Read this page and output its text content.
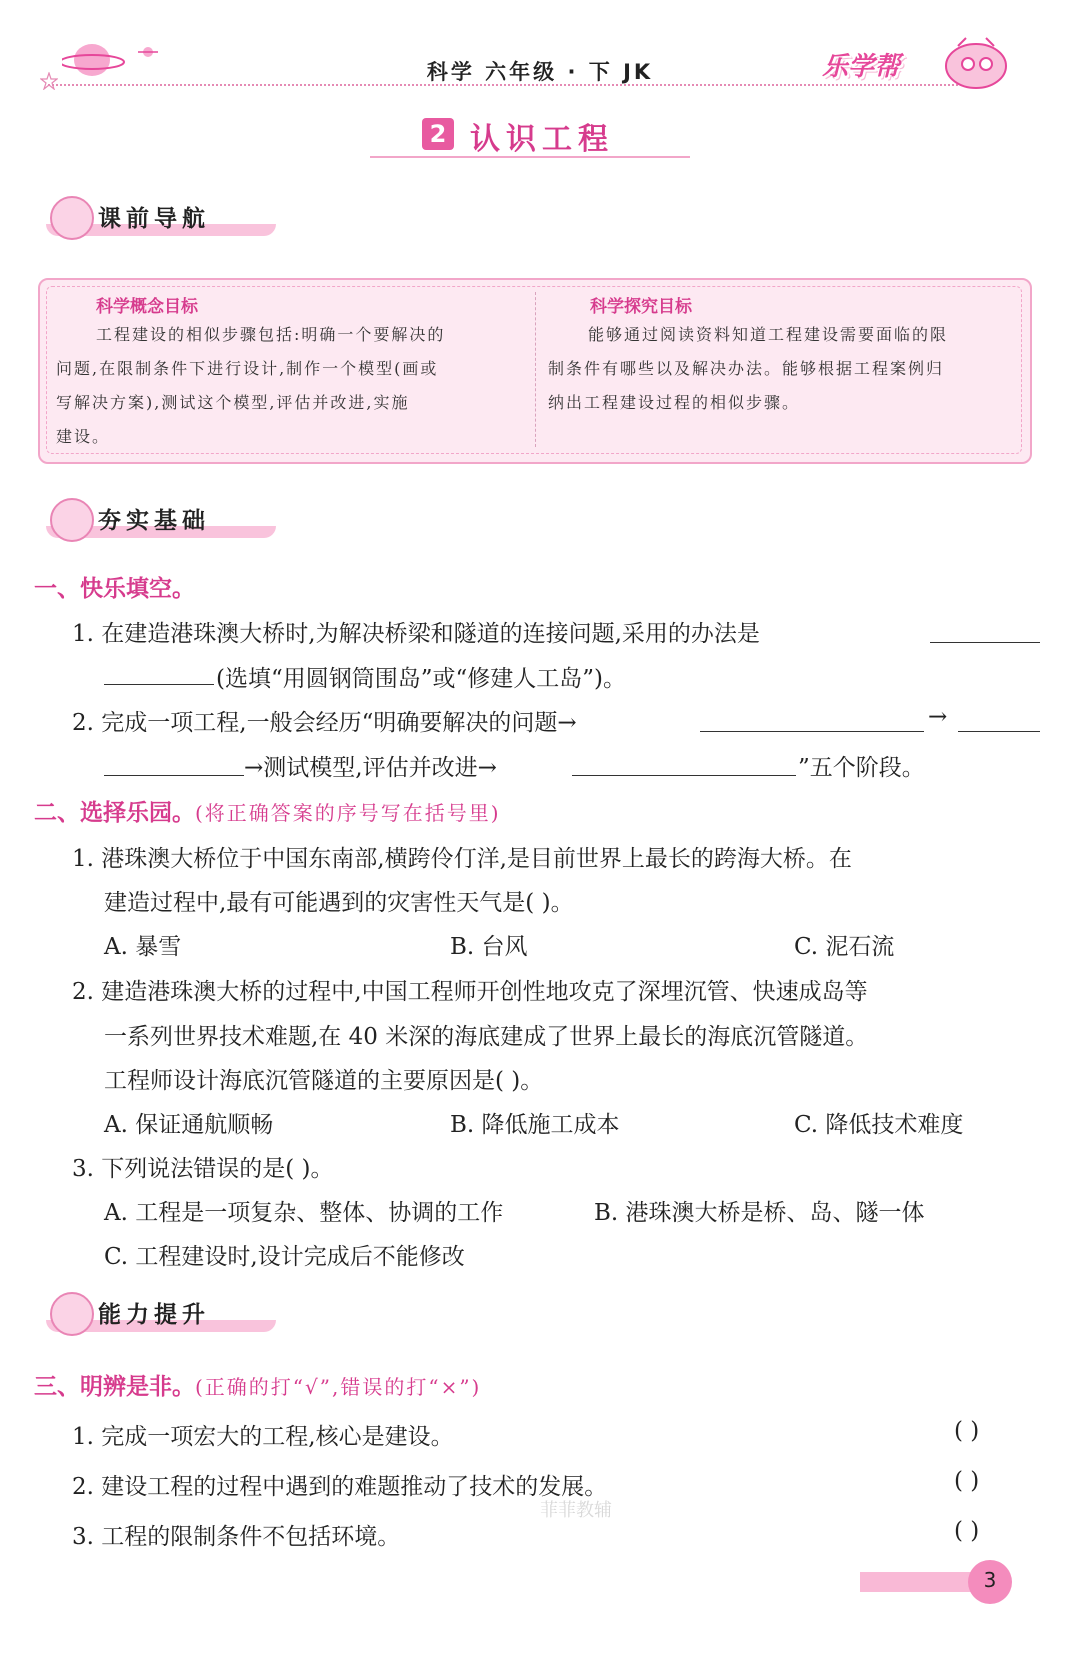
科学 六年级 · 下 JK	乐学帮
2 认识工程
课前导航
科学概念目标
工程建设的相似步骤包括:明确一个要解决的
问题,在限制条件下进行设计,制作一个模型(画或
写解决方案),测试这个模型,评估并改进,实施
建设。
科学探究目标
能够通过阅读资料知道工程建设需要面临的限
制条件有哪些以及解决办法。能够根据工程案例归
纳出工程建设过程的相似步骤。
夯实基础
一、快乐填空。
1. 在建造港珠澳大桥时,为解决桥梁和隧道的连接问题,采用的办法是
(选填“用圆钢筒围岛”或“修建人工岛”)。
2. 完成一项工程,一般会经历“明确要解决的问题→	→
→测试模型,评估并改进→	”五个阶段。
二、选择乐园。(将正确答案的序号写在括号里)
1. 港珠澳大桥位于中国东南部,横跨伶仃洋,是目前世界上最长的跨海大桥。在
建造过程中,最有可能遇到的灾害性天气是( )。
A. 暴雪	B. 台风	C. 泥石流
2. 建造港珠澳大桥的过程中,中国工程师开创性地攻克了深埋沉管、快速成岛等
一系列世界技术难题,在 40 米深的海底建成了世界上最长的海底沉管隧道。
工程师设计海底沉管隧道的主要原因是( )。
A. 保证通航顺畅	B. 降低施工成本	C. 降低技术难度
3. 下列说法错误的是( )。
A. 工程是一项复杂、整体、协调的工作	B. 港珠澳大桥是桥、岛、隧一体
C. 工程建设时,设计完成后不能修改
能力提升
三、明辨是非。(正确的打“√”,错误的打“×”)
1. 完成一项宏大的工程,核心是建设。	( )
2. 建设工程的过程中遇到的难题推动了技术的发展。	( )
3. 工程的限制条件不包括环境。	( )
菲菲教辅
3
